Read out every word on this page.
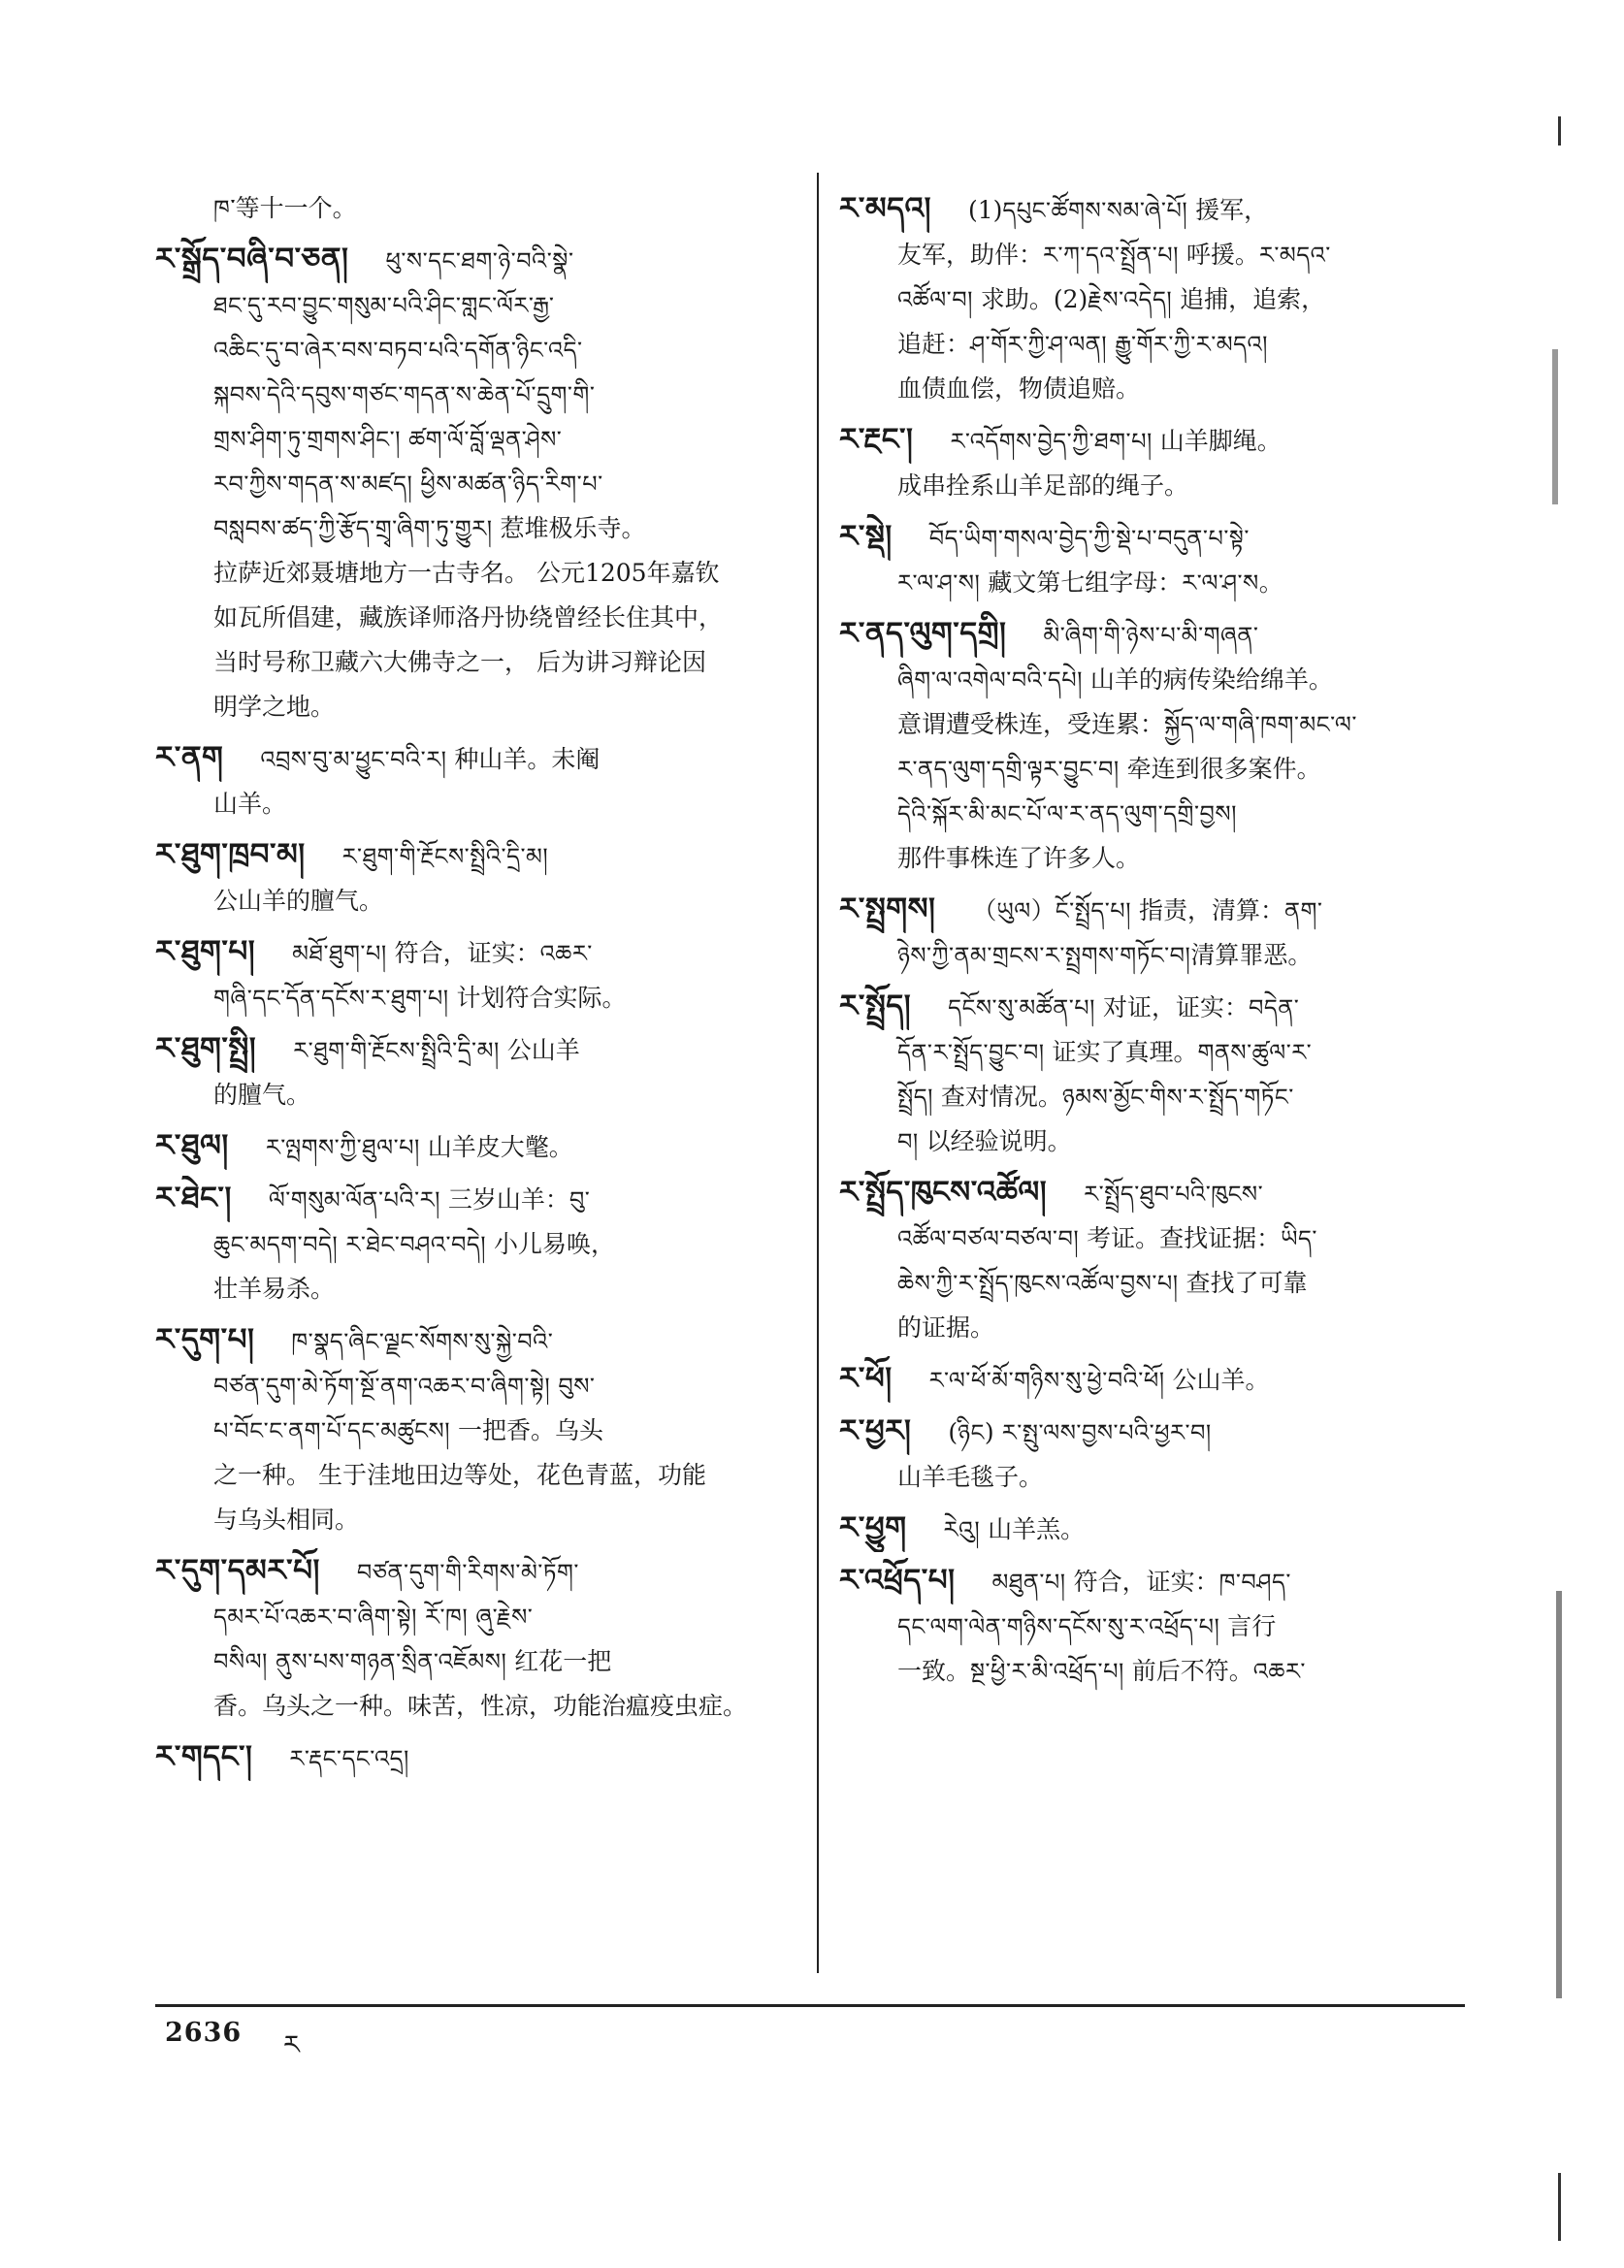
ཁ་等十一个。
ར་སྒྲོད་བཞི་བ་ཅན། ཕུ་ས་དང་ཐག་ཉེ་བའི་སྣེ་
ཐང་དུ་རབ་བྱུང་གསུམ་པའི་ཤིང་གླང་ལོར་རྒྱ་
འཆིང་དུ་བ་ཞེར་བས་བཏབ་པའི་དགོན་ཉིང་འདི་
སྐབས་དེའི་དབུས་གཙང་གདན་ས་ཆེན་པོ་དྲུག་གི་
གྲས་ཤིག་ཏུ་གྲགས་ཤིང་། ཚག་ལོ་བློ་ལྡན་ཤེས་
རབ་ཀྱིས་གདན་ས་མཛད། ཕྱིས་མཚན་ཉིད་རིག་པ་
བསླབས་ཚད་ཀྱི་རྩོད་གྲྭ་ཞིག་ཏུ་གྱུར། 惹堆极乐寺。
拉萨近郊聂塘地方一古寺名。 公元1205年嘉钦
如瓦所倡建，藏族译师洛丹协绕曾经长住其中，
当时号称卫藏六大佛寺之一， 后为讲习辩论因
明学之地。
ར་ནག འབྲས་བུ་མ་ཕྱུང་བའི་ར། 种山羊。未阉
山羊。
ར་ཐུག་ཁྲབ་མ། ར་ཐུག་གི་རྔོངས་སྤྲིའི་དྲི་མ།
公山羊的膻气。
ར་ཐུག་པ། མཐོ་ཐུག་པ། 符合，证实：འཆར་
གཞི་དང་དོན་དངོས་ར་ཐུག་པ། 计划符合实际。
ར་ཐུག་སྤྲི། ར་ཐུག་གི་རྔོངས་སྤྲིའི་དྲི་མ། 公山羊
的膻气。
ར་ཐུལ། ར་ལྤགས་ཀྱི་ཐུལ་པ། 山羊皮大氅。
ར་ཐེང་། ལོ་གསུམ་ལོན་པའི་ར། 三岁山羊：བུ་
ཆུང་མདག་བདེ། ར་ཐེང་བཤའ་བདེ། 小儿易唤，
壮羊易杀。
ར་དུག་པ། ཁ་སྣད་ཞིང་ལྗང་སོགས་སུ་སྐྱེ་བའི་
བཙན་དུག་མེ་ཏོག་སྔོ་ནག་འཆར་བ་ཞིག་སྟེ། བུས་
པ་བོང་ང་ནག་པོ་དང་མཚུངས། 一把香。乌头
之一种。 生于洼地田边等处，花色青蓝，功能
与乌头相同。
ར་དུག་དམར་པོ། བཙན་དུག་གི་རིགས་མེ་ཏོག་
དམར་པོ་འཆར་བ་ཞིག་སྟེ། རོ་ཁ། ཞུ་རྗེས་
བསིལ། ནུས་པས་གཉན་སྲིན་འཇོམས། 红花一把
香。乌头之一种。味苦，性凉，功能治瘟疫虫症。
ར་གདང་། ར་རྡང་དང་འདྲ།
ར་མདའ། (1)དཔུང་ཚོགས་སམ་ཞེ་པོ། 援军，
友军，助伴：ར་ཀ་དའ་སྤྲོན་པ། 呼援。ར་མདའ་
འཚོལ་བ། 求助。(2)རྗེས་འདེད། 追捕，追索，
追赶：ཤ་གོར་ཀྱི་ཤ་ལན། རྒྱུ་གོར་ཀྱི་ར་མདའ།
血债血偿，物债追赔。
ར་རྔང་། ར་འདོགས་བྱེད་ཀྱི་ཐག་པ། 山羊脚绳。
成串拴系山羊足部的绳子。
ར་སྡེ། བོད་ཡིག་གསལ་བྱེད་ཀྱི་སྡེ་པ་བདུན་པ་སྟེ་
ར་ལ་ཤ་ས། 藏文第七组字母：ར་ལ་ཤ་ས。
ར་ནད་ལུག་དགྲི། མི་ཞིག་གི་ཉེས་པ་མི་གཞན་
ཞིག་ལ་འགེལ་བའི་དཔེ། 山羊的病传染给绵羊。
意谓遭受株连，受连累：སྐྱོད་ལ་གཞི་ཁག་མང་ལ་
ར་ནད་ལུག་དགྲི་ལྟར་བྱུང་བ། 牵连到很多案件。
དེའི་སྐོར་མི་མང་པོ་ལ་ར་ནད་ལུག་དགྲི་བྱས།
那件事株连了许多人。
ར་སྤྲགས། （ཡུལ）ངོ་སྤྲོད་པ། 指责，清算：ནག་
ཉེས་ཀྱི་ནམ་གྲངས་ར་སྤྲགས་གཏོང་བ།清算罪恶。
ར་སྤྲོད། དངོས་སུ་མཚོན་པ། 对证，证实：བདེན་
དོན་ར་སྤྲོད་བྱུང་བ། 证实了真理。གནས་ཚུལ་ར་
སྤྲོད། 查对情况。ཉམས་མྱོང་གིས་ར་སྤྲོད་གཏོང་
བ། 以经验说明。
ར་སྤྲོད་ཁུངས་འཚོལ། ར་སྤྲོད་ཐུབ་པའི་ཁུངས་
འཚོལ་བཙལ་བཙལ་བ། 考证。查找证据：ཡིད་
ཆེས་ཀྱི་ར་སྤྲོད་ཁུངས་འཚོལ་བྱས་པ། 查找了可靠
的证据。
ར་ཕོ། ར་ལ་ཕོ་མོ་གཉིས་སུ་ཕྱེ་བའི་ཕོ། 公山羊。
ར་ཕྱར། (ཉིང) ར་སྤུ་ལས་བྱས་པའི་ཕྱར་བ།
山羊毛毯子。
ར་ཕྱུག རེའུ། 山羊羔。
ར་འཕྲོད་པ། མཐུན་པ། 符合，证实：ཁ་བཤད་
དང་ལག་ལེན་གཉིས་དངོས་སུ་ར་འཕྲོད་པ། 言行
一致。སྔ་ཕྱི་ར་མི་འཕྲོད་པ། 前后不符。འཆར་
2636 ར
